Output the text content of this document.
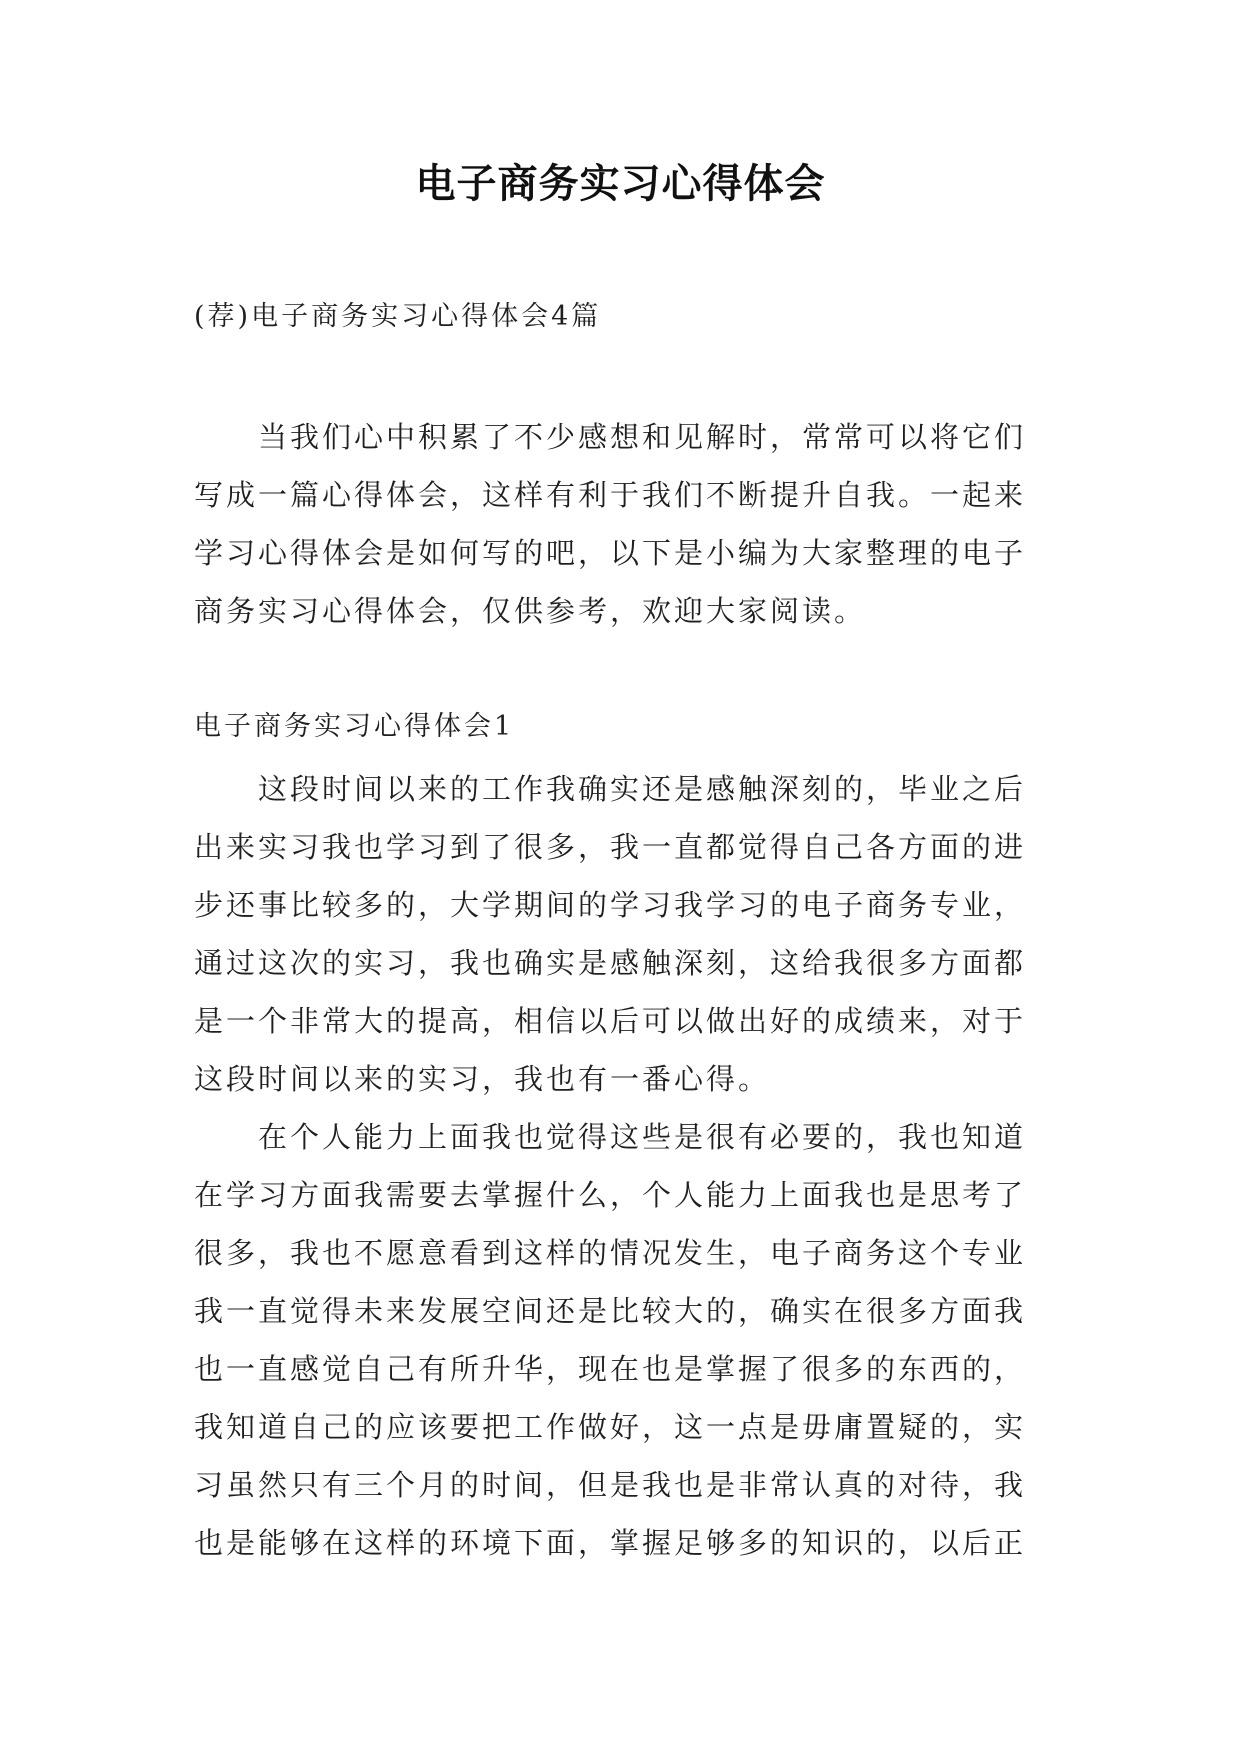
电子商务实习心得体会
(荐)电子商务实习心得体会4篇
当我们心中积累了不少感想和见解时，常常可以将它们
写成一篇心得体会，这样有利于我们不断提升自我。一起来
学习心得体会是如何写的吧，以下是小编为大家整理的电子
商务实习心得体会，仅供参考，欢迎大家阅读。
电子商务实习心得体会1
这段时间以来的工作我确实还是感触深刻的，毕业之后
出来实习我也学习到了很多，我一直都觉得自己各方面的进
步还事比较多的，大学期间的学习我学习的电子商务专业，
通过这次的实习，我也确实是感触深刻，这给我很多方面都
是一个非常大的提高，相信以后可以做出好的成绩来，对于
这段时间以来的实习，我也有一番心得。
在个人能力上面我也觉得这些是很有必要的，我也知道
在学习方面我需要去掌握什么，个人能力上面我也是思考了
很多，我也不愿意看到这样的情况发生，电子商务这个专业
我一直觉得未来发展空间还是比较大的，确实在很多方面我
也一直感觉自己有所升华，现在也是掌握了很多的东西的，
我知道自己的应该要把工作做好，这一点是毋庸置疑的，实
习虽然只有三个月的时间，但是我也是非常认真的对待，我
也是能够在这样的环境下面，掌握足够多的知识的，以后正
